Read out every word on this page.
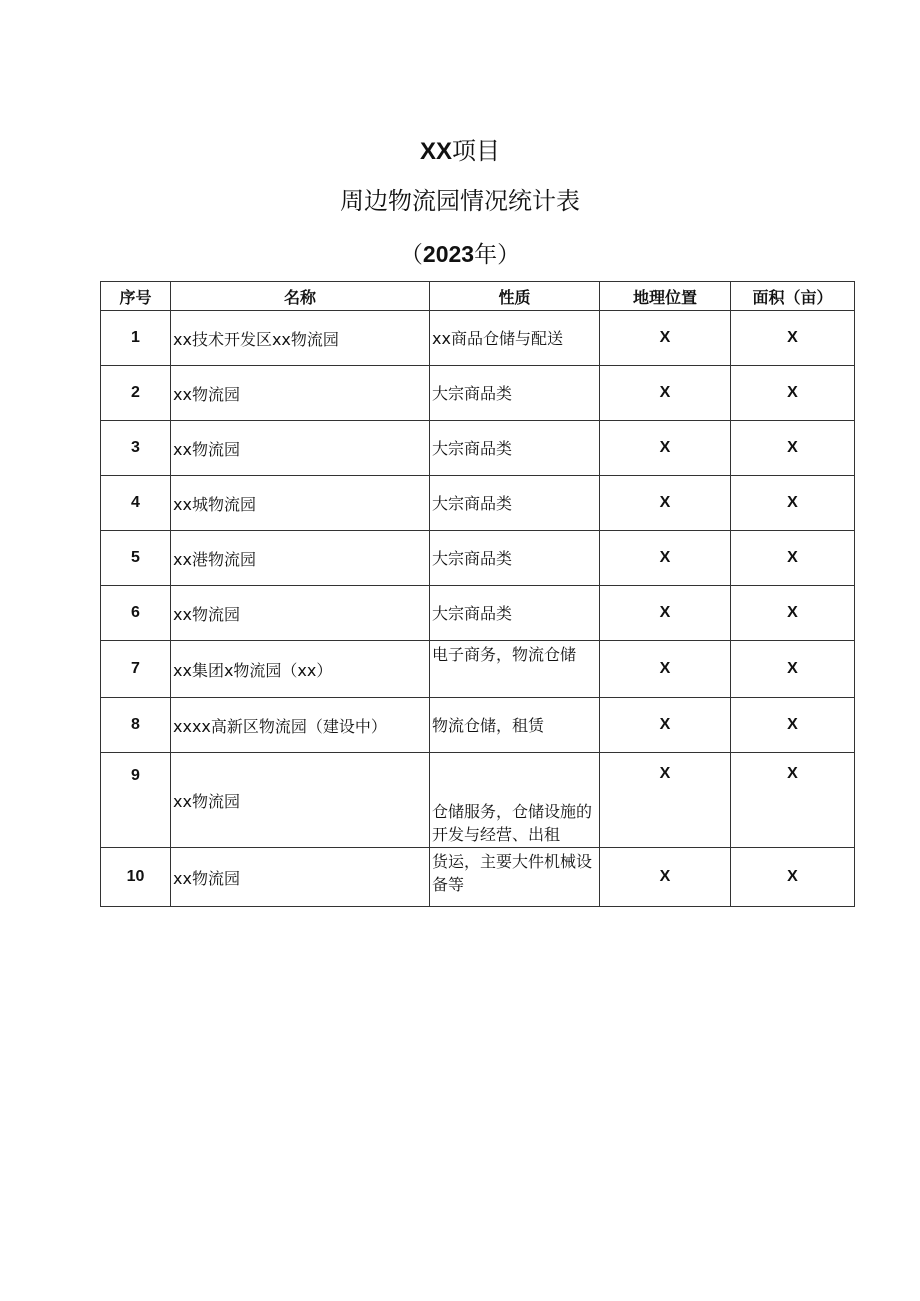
XX项目
周边物流园情况统计表
（2023年）
序号	名称	性质	地理位置	面积（亩）
1	xx技术开发区xx物流园	xx商品仓储与配送	X	X
2	xx物流园	大宗商品类	X	X
3	xx物流园	大宗商品类	X	X
4	xx城物流园	大宗商品类	X	X
5	xx港物流园	大宗商品类	X	X
6	xx物流园	大宗商品类	X	X
7	xx集团x物流园（xx）	电子商务，物流仓储	X	X
8	xxxx高新区物流园（建设中）	物流仓储，租赁	X	X
9	xx物流园	仓储服务，仓储设施的开发与经营、出租	X	X
10	xx物流园	货运，主要大件机械设备等	X	X
